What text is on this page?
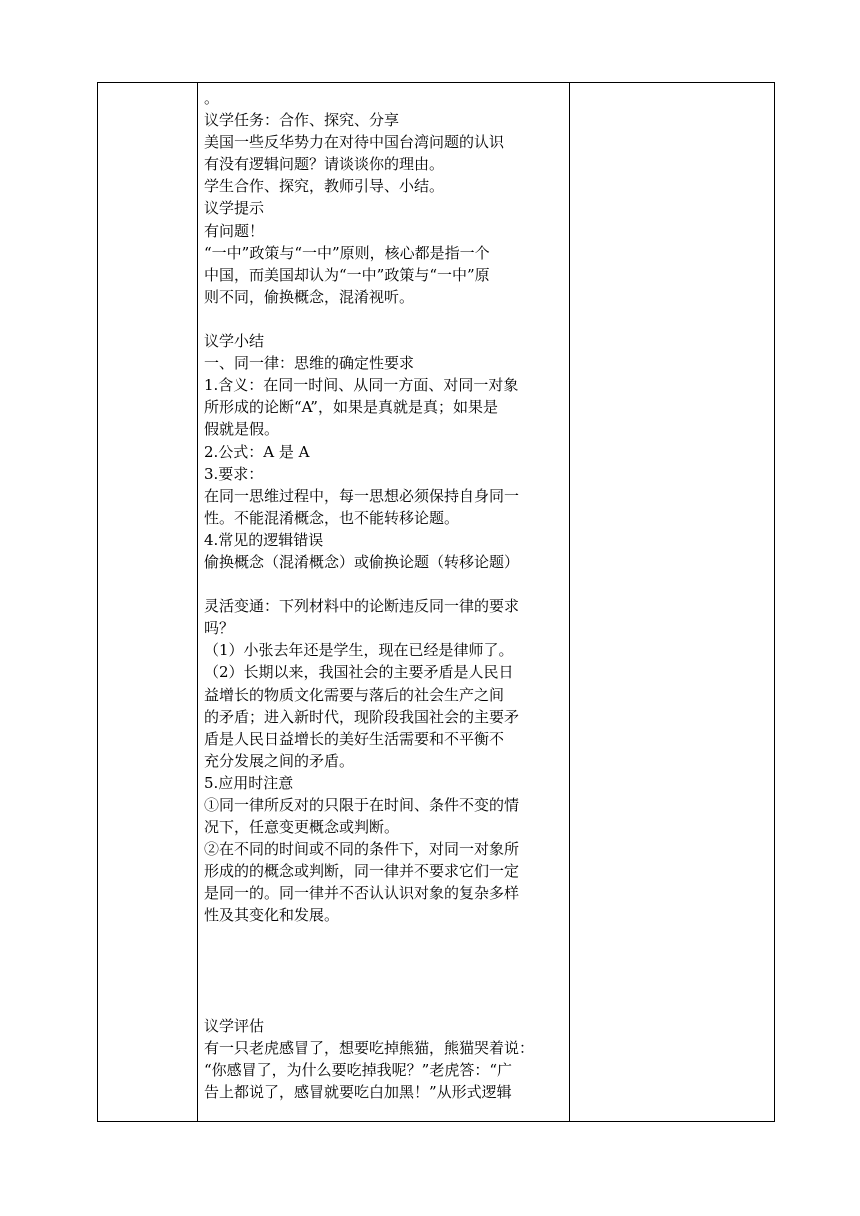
。
议学任务：合作、探究、分享
美国一些反华势力在对待中国台湾问题的认识
有没有逻辑问题？请谈谈你的理由。
学生合作、探究，教师引导、小结。
议学提示
有问题！
“一中”政策与“一中”原则，核心都是指一个
中国，而美国却认为“一中”政策与“一中”原
则不同，偷换概念，混淆视听。
议学小结
一、同一律：思维的确定性要求
1.含义：在同一时间、从同一方面、对同一对象
所形成的论断“A”，如果是真就是真；如果是
假就是假。
2.公式：A 是 A
3.要求：
在同一思维过程中，每一思想必须保持自身同一
性。不能混淆概念，也不能转移论题。
4.常见的逻辑错误
偷换概念（混淆概念）或偷换论题（转移论题）
灵活变通：下列材料中的论断违反同一律的要求
吗？
（1）小张去年还是学生，现在已经是律师了。
（2）长期以来，我国社会的主要矛盾是人民日
益增长的物质文化需要与落后的社会生产之间
的矛盾；进入新时代，现阶段我国社会的主要矛
盾是人民日益增长的美好生活需要和不平衡不
充分发展之间的矛盾。
5.应用时注意
①同一律所反对的只限于在时间、条件不变的情
况下，任意变更概念或判断。
②在不同的时间或不同的条件下，对同一对象所
形成的的概念或判断，同一律并不要求它们一定
是同一的。同一律并不否认认识对象的复杂多样
性及其变化和发展。
议学评估
有一只老虎感冒了，想要吃掉熊猫，熊猫哭着说：
“你感冒了，为什么要吃掉我呢？”老虎答：“广
告上都说了，感冒就要吃白加黑！”从形式逻辑
